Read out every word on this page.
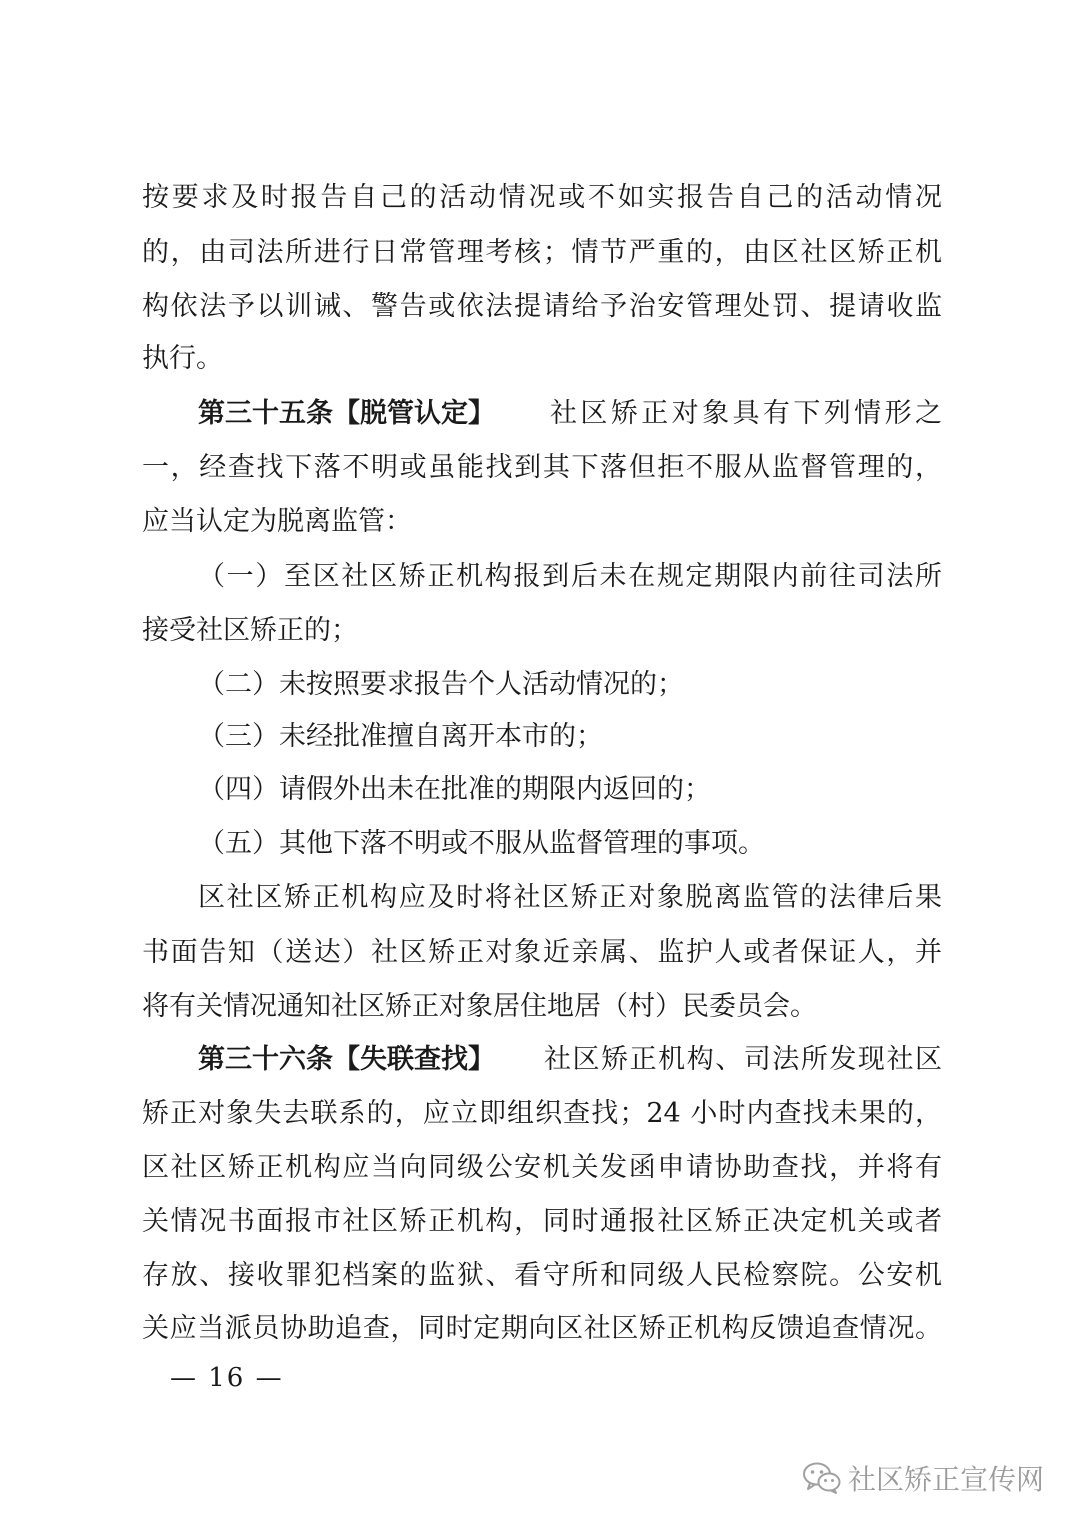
按要求及时报告自己的活动情况或不如实报告自己的活动情况
的，由司法所进行日常管理考核；情节严重的，由区社区矫正机
构依法予以训诫、警告或依法提请给予治安管理处罚、提请收监
执行。
第三十五条【脱管认定】 社区矫正对象具有下列情形之
一，经查找下落不明或虽能找到其下落但拒不服从监督管理的，
应当认定为脱离监管：
（一）至区社区矫正机构报到后未在规定期限内前往司法所
接受社区矫正的；
（二）未按照要求报告个人活动情况的；
（三）未经批准擅自离开本市的；
（四）请假外出未在批准的期限内返回的；
（五）其他下落不明或不服从监督管理的事项。
区社区矫正机构应及时将社区矫正对象脱离监管的法律后果
书面告知（送达）社区矫正对象近亲属、监护人或者保证人，并
将有关情况通知社区矫正对象居住地居（村）民委员会。
第三十六条【失联查找】 社区矫正机构、司法所发现社区
矫正对象失去联系的，应立即组织查找；24 小时内查找未果的，
区社区矫正机构应当向同级公安机关发函申请协助查找，并将有
关情况书面报市社区矫正机构，同时通报社区矫正决定机关或者
存放、接收罪犯档案的监狱、看守所和同级人民检察院。公安机
关应当派员协助追查，同时定期向区社区矫正机构反馈追查情况。
— 16 —
社区矫正宣传网
